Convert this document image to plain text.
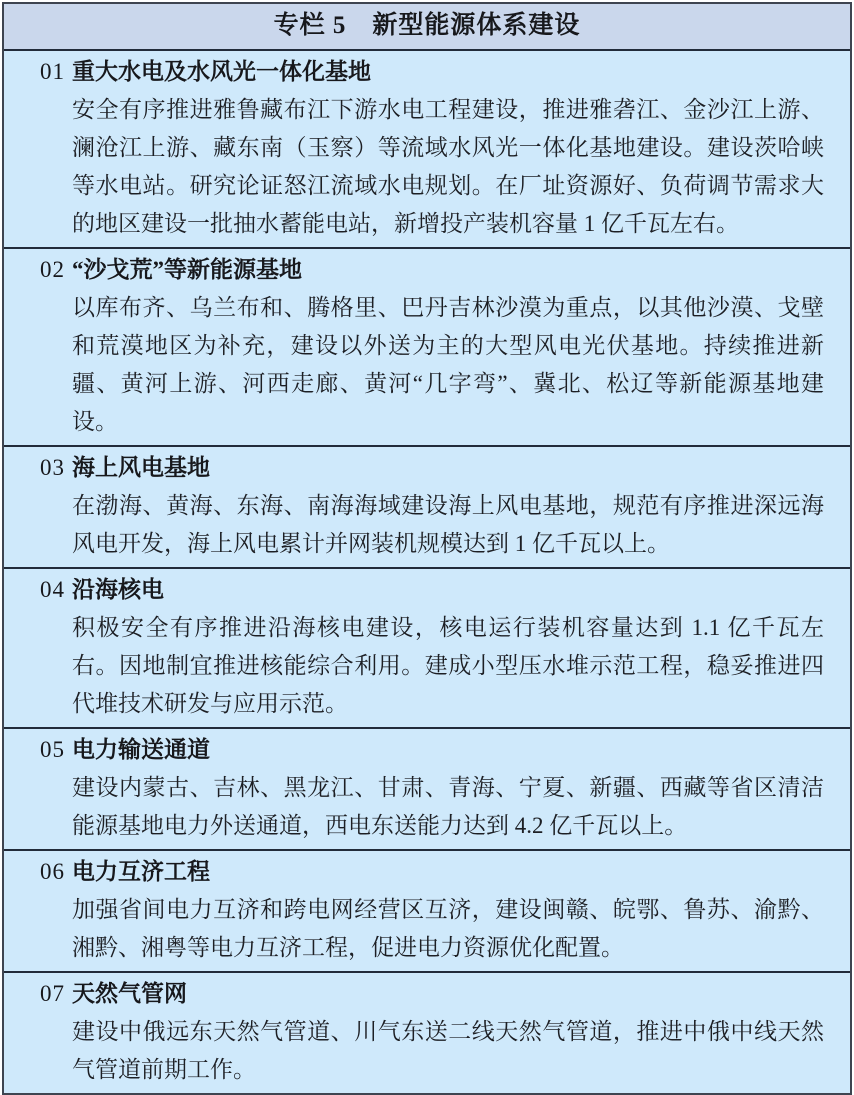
专栏 5　新型能源体系建设
01 重大水电及水风光一体化基地
安全有序推进雅鲁藏布江下游水电工程建设，推进雅砻江、金沙江上游、澜沧江上游、藏东南（玉察）等流域水风光一体化基地建设。建设茨哈峡等水电站。研究论证怒江流域水电规划。在厂址资源好、负荷调节需求大的地区建设一批抽水蓄能电站，新增投产装机容量 1 亿千瓦左右。
02 “沙戈荒”等新能源基地
以库布齐、乌兰布和、腾格里、巴丹吉林沙漠为重点，以其他沙漠、戈壁和荒漠地区为补充，建设以外送为主的大型风电光伏基地。持续推进新疆、黄河上游、河西走廊、黄河“几字弯”、冀北、松辽等新能源基地建设。
03 海上风电基地
在渤海、黄海、东海、南海海域建设海上风电基地，规范有序推进深远海风电开发，海上风电累计并网装机规模达到 1 亿千瓦以上。
04 沿海核电
积极安全有序推进沿海核电建设，核电运行装机容量达到 1.1 亿千瓦左右。因地制宜推进核能综合利用。建成小型压水堆示范工程，稳妥推进四代堆技术研发与应用示范。
05 电力输送通道
建设内蒙古、吉林、黑龙江、甘肃、青海、宁夏、新疆、西藏等省区清洁能源基地电力外送通道，西电东送能力达到 4.2 亿千瓦以上。
06 电力互济工程
加强省间电力互济和跨电网经营区互济，建设闽赣、皖鄂、鲁苏、渝黔、湘黔、湘粤等电力互济工程，促进电力资源优化配置。
07 天然气管网
建设中俄远东天然气管道、川气东送二线天然气管道，推进中俄中线天然气管道前期工作。
